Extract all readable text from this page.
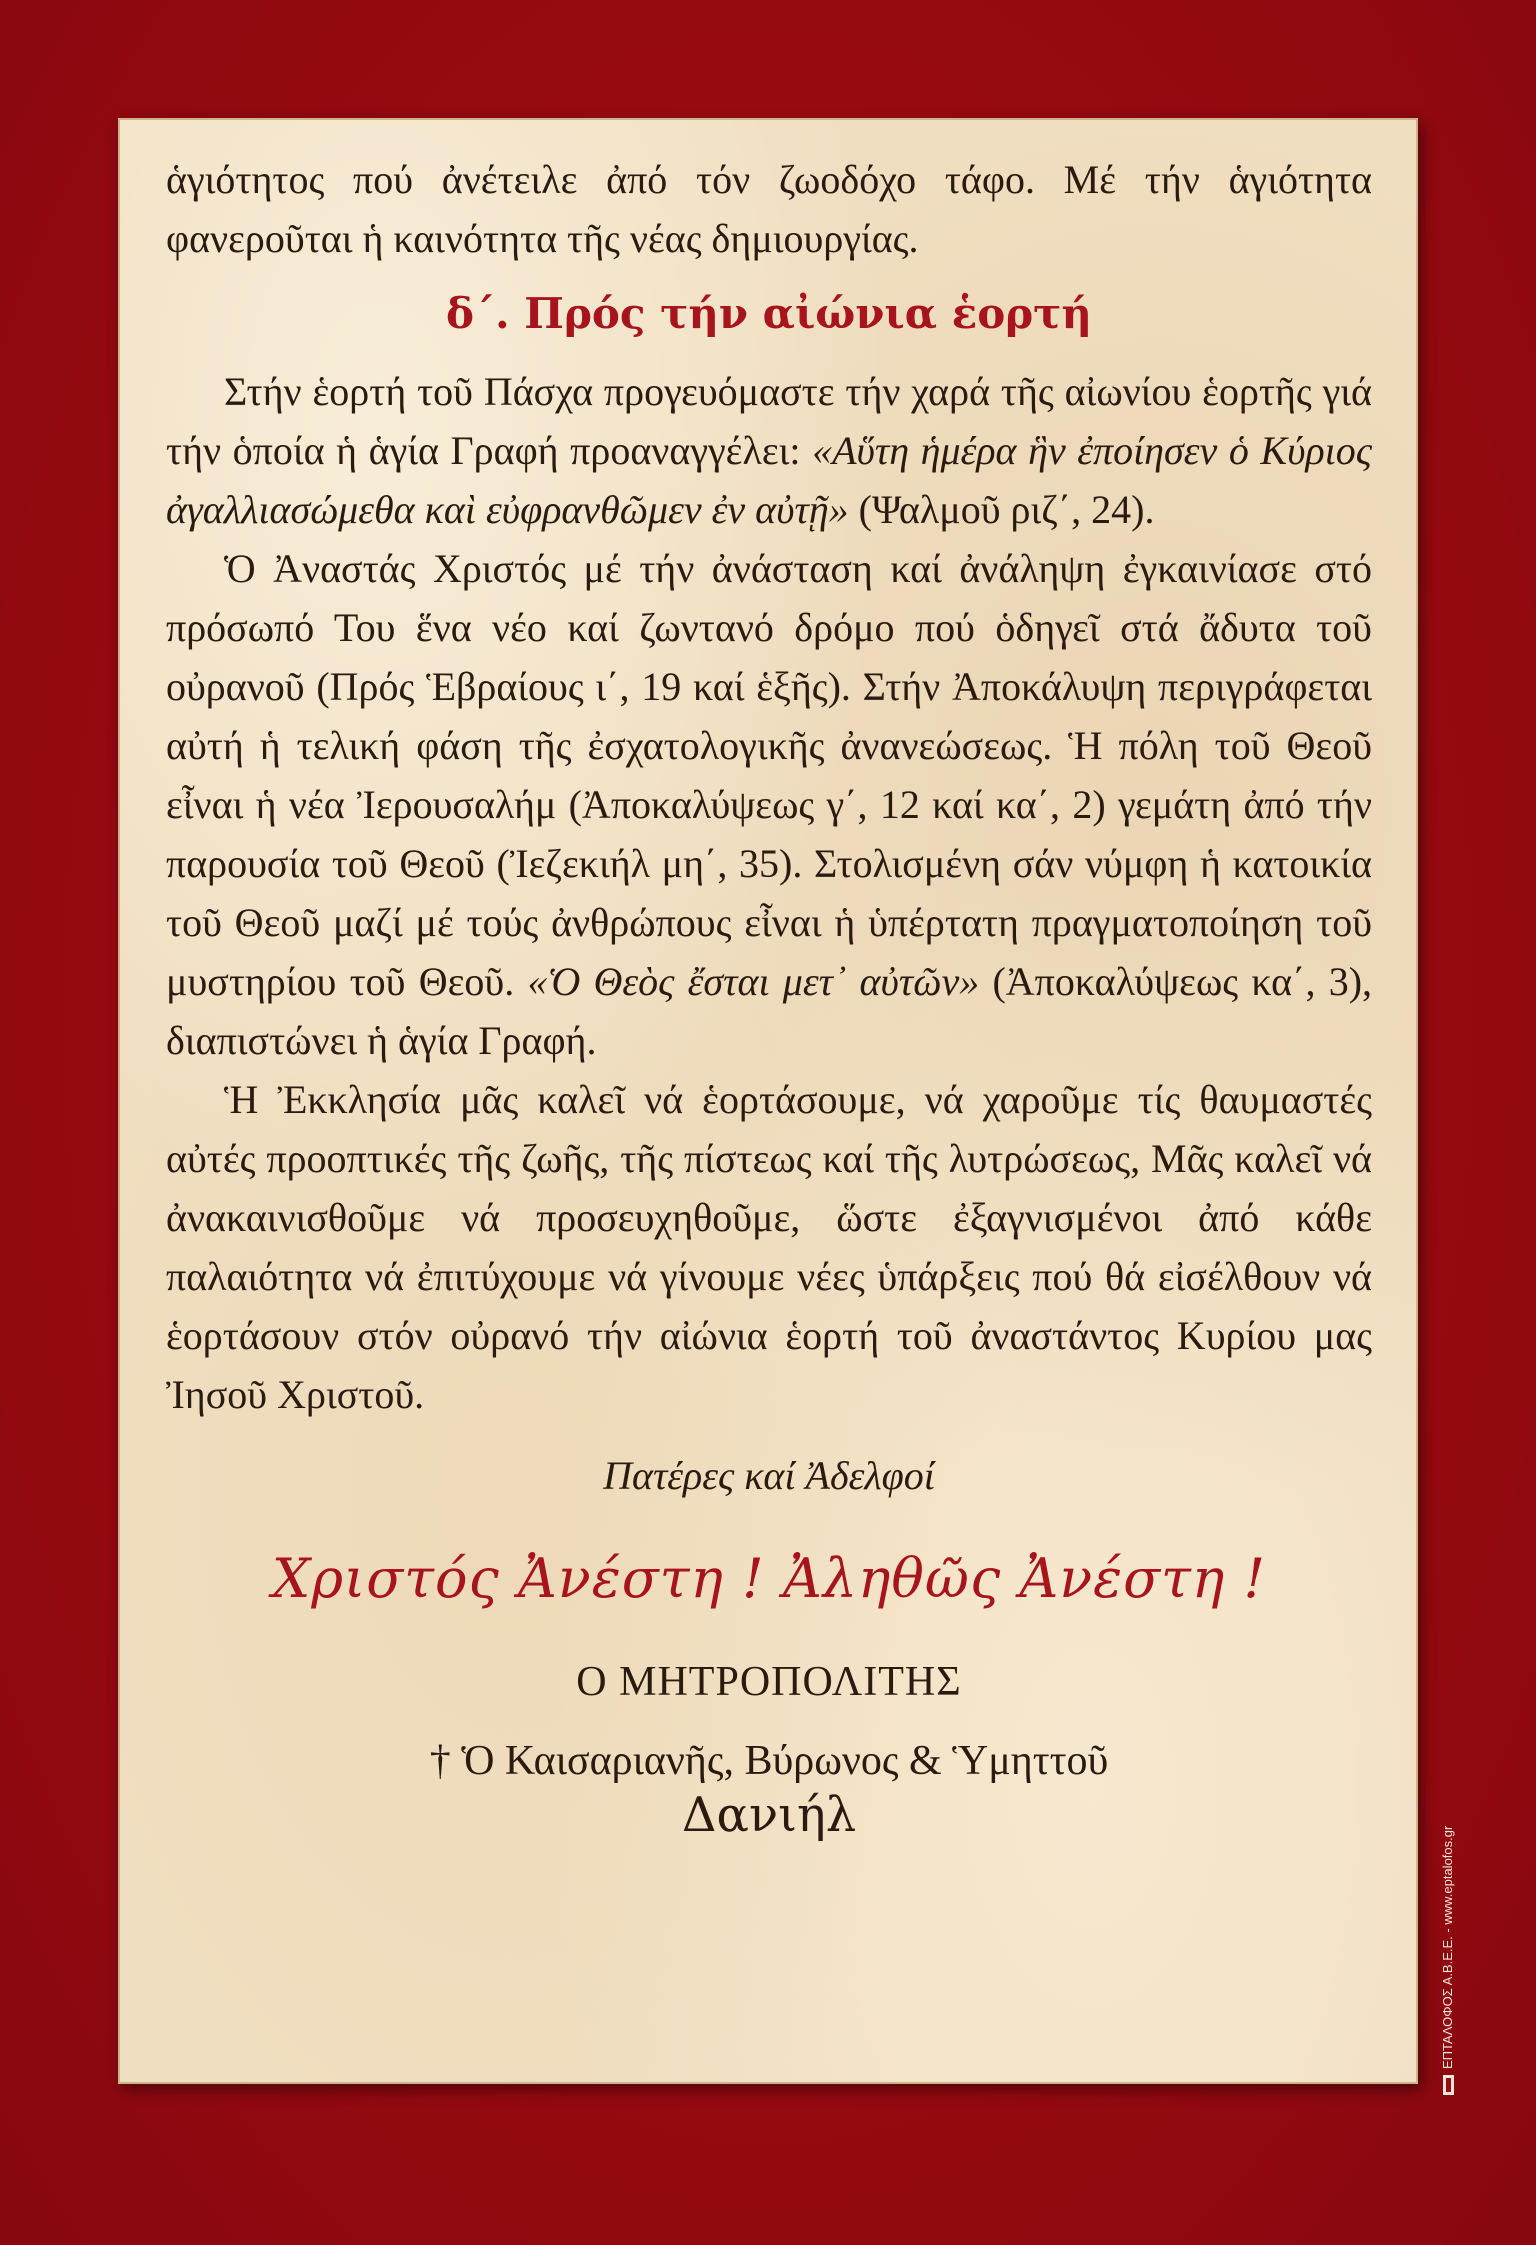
ἁγιότητος πού ἀνέτειλε ἀπό τόν ζωοδόχο τάφο. Μέ τήν ἁγιότητα φανεροῦται ἡ καινότητα τῆς νέας δημιουργίας.

δ΄. Πρός τήν αἰώνια ἑορτή

Στήν ἑορτή τοῦ Πάσχα προγευόμαστε τήν χαρά τῆς αἰωνίου ἑορτῆς γιά τήν ὁποία ἡ ἁγία Γραφή προαναγγέλει: «Αὕτη ἡμέρα ἣν ἐποίησεν ὁ Κύριος ἀγαλλιασώμεθα καὶ εὐφρανθῶμεν ἐν αὐτῇ» (Ψαλμοῦ ριζ΄, 24).

Ὁ Ἀναστάς Χριστός μέ τήν ἀνάσταση καί ἀνάληψη ἐγκαινίασε στό πρόσωπό Του ἕνα νέο καί ζωντανό δρόμο πού ὁδηγεῖ στά ἄδυτα τοῦ οὐρανοῦ (Πρός Ἑβραίους ι΄, 19 καί ἑξῆς). Στήν Ἀποκάλυψη περιγράφεται αὐτή ἡ τελική φάση τῆς ἐσχατολογικῆς ἀνανεώσεως. Ἡ πόλη τοῦ Θεοῦ εἶναι ἡ νέα Ἰερουσαλήμ (Ἀποκαλύψεως γ΄, 12 καί κα΄, 2) γεμάτη ἀπό τήν παρουσία τοῦ Θεοῦ (Ἰεζεκιήλ μη΄, 35). Στολισμένη σάν νύμφη ἡ κατοικία τοῦ Θεοῦ μαζί μέ τούς ἀνθρώπους εἶναι ἡ ὑπέρτατη πραγματοποίηση τοῦ μυστηρίου τοῦ Θεοῦ. «Ὁ Θεὸς ἔσται μετ᾽ αὐτῶν» (Ἀποκαλύψεως κα΄, 3), διαπιστώνει ἡ ἁγία Γραφή.

Ἡ Ἐκκλησία μᾶς καλεῖ νά ἑορτάσουμε, νά χαροῦμε τίς θαυμαστές αὐτές προοπτικές τῆς ζωῆς, τῆς πίστεως καί τῆς λυτρώσεως, Μᾶς καλεῖ νά ἀνακαινισθοῦμε νά προσευχηθοῦμε, ὥστε ἐξαγνισμένοι ἀπό κάθε παλαιότητα νά ἐπιτύχουμε νά γίνουμε νέες ὑπάρξεις πού θά εἰσέλθουν νά ἑορτάσουν στόν οὐρανό τήν αἰώνια ἑορτή τοῦ ἀναστάντος Κυρίου μας Ἰησοῦ Χριστοῦ.

Πατέρες καί Ἀδελφοί
Χριστός Ἀνέστη ! Ἀληθῶς Ἀνέστη !
Ο ΜΗΤΡΟΠΟΛΙΤΗΣ
† Ὁ Καισαριανῆς, Βύρωνος & Ὑμηττοῦ
Δανιήλ
ΕΠΤΑΛΟΦΟΣ Α.Β.Ε.Ε. - www.eptalofos.gr
